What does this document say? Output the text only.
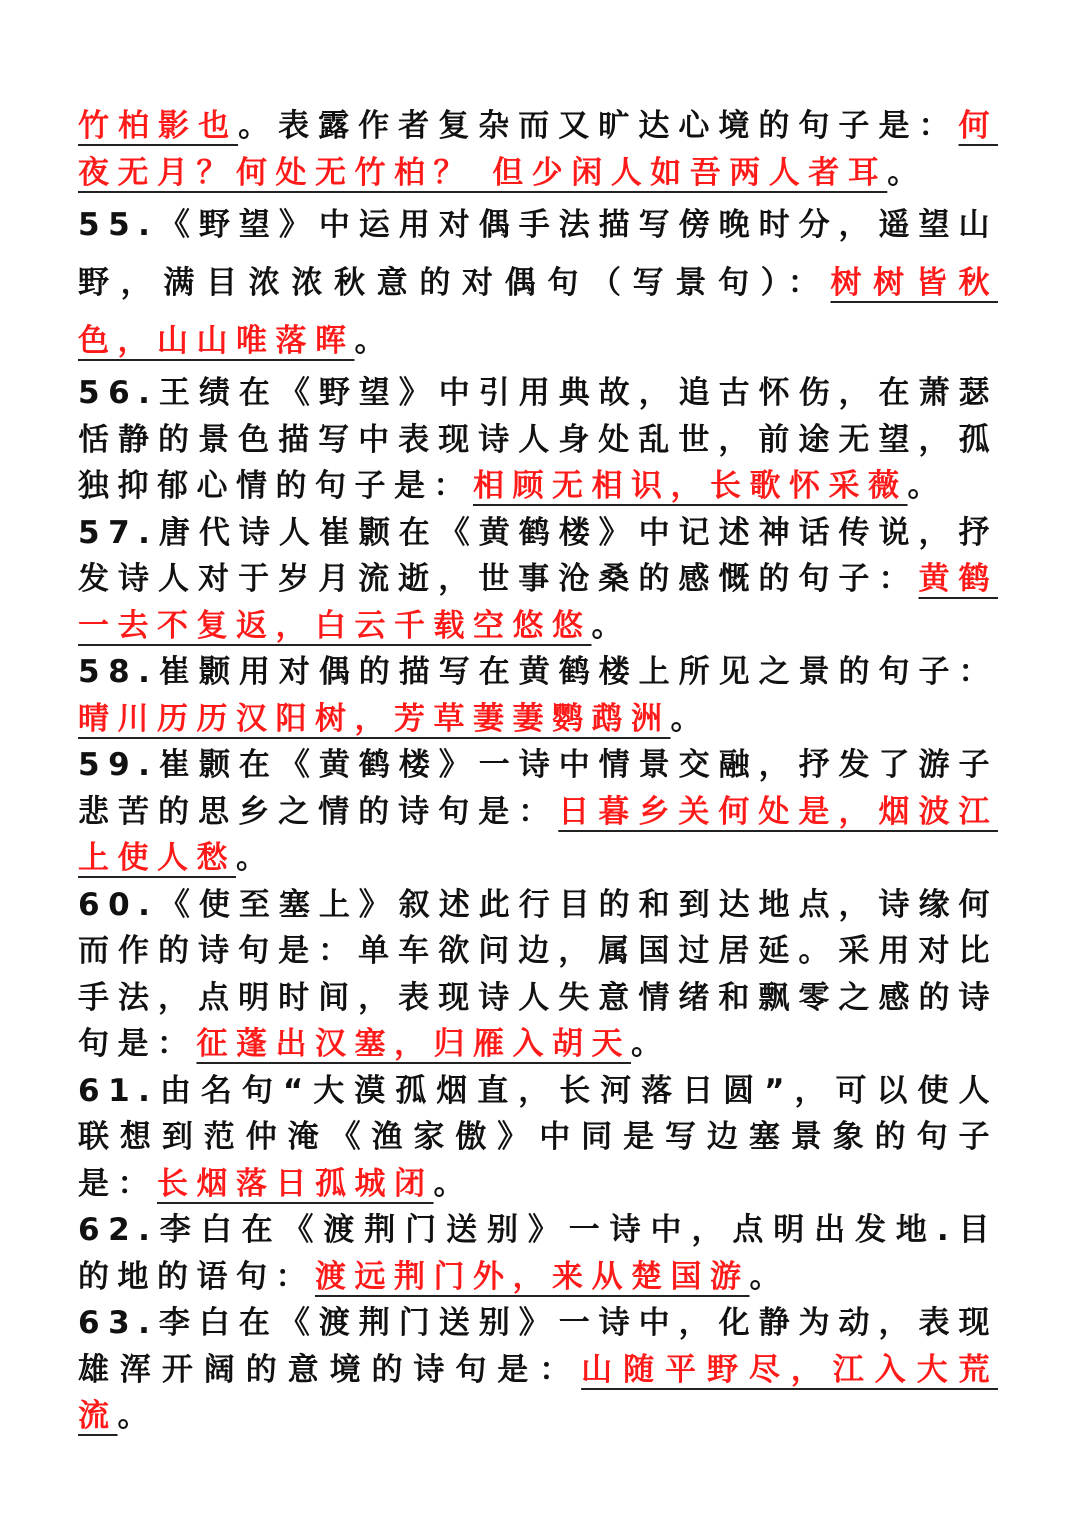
竹柏影也。表露作者复杂而又旷达心境的句子是：何夜无月？何处无竹柏？ 但少闲人如吾两人者耳。

55.《野望》中运用对偶手法描写傍晚时分，遥望山野，满目浓浓秋意的对偶句（写景句）：树树皆秋色，山山唯落晖。

56.王绩在《野望》中引用典故，追古怀伤，在萧瑟恬静的景色描写中表现诗人身处乱世，前途无望，孤独抑郁心情的句子是：相顾无相识，长歌怀采薇。

57.唐代诗人崔颢在《黄鹤楼》中记述神话传说，抒发诗人对于岁月流逝，世事沧桑的感慨的句子：黄鹤一去不复返，白云千载空悠悠。

58.崔颢用对偶的描写在黄鹤楼上所见之景的句子：晴川历历汉阳树，芳草萋萋鹦鹉洲。

59.崔颢在《黄鹤楼》一诗中情景交融，抒发了游子悲苦的思乡之情的诗句是：日暮乡关何处是，烟波江上使人愁。

60.《使至塞上》叙述此行目的和到达地点，诗缘何而作的诗句是：单车欲问边，属国过居延。采用对比手法，点明时间，表现诗人失意情绪和飘零之感的诗句是：征蓬出汉塞，归雁入胡天。

61.由名句“大漠孤烟直，长河落日圆”，可以使人联想到范仲淹《渔家傲》中同是写边塞景象的句子是：长烟落日孤城闭。

62.李白在《渡荆门送别》一诗中，点明出发地.目的地的语句：渡远荆门外，来从楚国游。

63.李白在《渡荆门送别》一诗中，化静为动，表现雄浑开阔的意境的诗句是：山随平野尽，江入大荒流。
